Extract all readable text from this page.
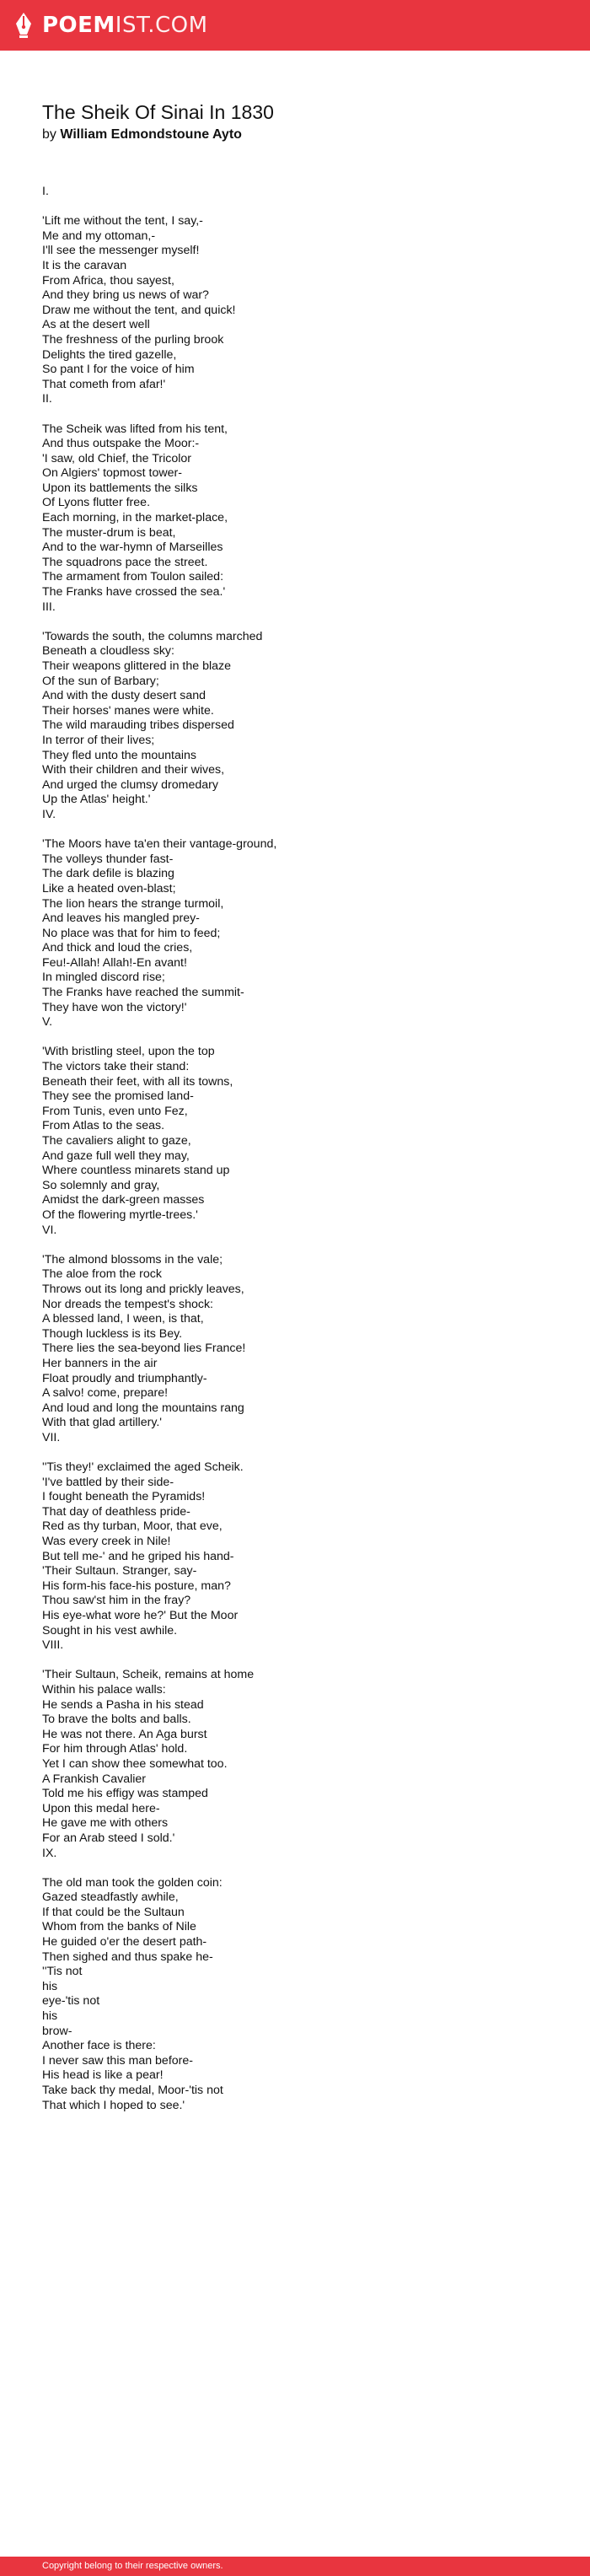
POEMIST.COM
The Sheik Of Sinai In 1830
by William Edmondstoune Ayto
I.
'Lift me without the tent, I say,-
Me and my ottoman,-
I'll see the messenger myself!
It is the caravan
From Africa, thou sayest,
And they bring us news of war?
Draw me without the tent, and quick!
As at the desert well
The freshness of the purling brook
Delights the tired gazelle,
So pant I for the voice of him
That cometh from afar!'
II.
The Scheik was lifted from his tent,
And thus outspake the Moor:-
'I saw, old Chief, the Tricolor
On Algiers' topmost tower-
Upon its battlements the silks
Of Lyons flutter free.
Each morning, in the market-place,
The muster-drum is beat,
And to the war-hymn of Marseilles
The squadrons pace the street.
The armament from Toulon sailed:
The Franks have crossed the sea.'
III.
'Towards the south, the columns marched
Beneath a cloudless sky:
Their weapons glittered in the blaze
Of the sun of Barbary;
And with the dusty desert sand
Their horses' manes were white.
The wild marauding tribes dispersed
In terror of their lives;
They fled unto the mountains
With their children and their wives,
And urged the clumsy dromedary
Up the Atlas' height.'
IV.
'The Moors have ta'en their vantage-ground,
The volleys thunder fast-
The dark defile is blazing
Like a heated oven-blast;
The lion hears the strange turmoil,
And leaves his mangled prey-
No place was that for him to feed;
And thick and loud the cries,
Feu!-Allah! Allah!-En avant!
In mingled discord rise;
The Franks have reached the summit-
They have won the victory!'
V.
'With bristling steel, upon the top
The victors take their stand:
Beneath their feet, with all its towns,
They see the promised land-
From Tunis, even unto Fez,
From Atlas to the seas.
The cavaliers alight to gaze,
And gaze full well they may,
Where countless minarets stand up
So solemnly and gray,
Amidst the dark-green masses
Of the flowering myrtle-trees.'
VI.
'The almond blossoms in the vale;
The aloe from the rock
Throws out its long and prickly leaves,
Nor dreads the tempest's shock:
A blessed land, I ween, is that,
Though luckless is its Bey.
There lies the sea-beyond lies France!
Her banners in the air
Float proudly and triumphantly-
A salvo! come, prepare!
And loud and long the mountains rang
With that glad artillery.'
VII.
''Tis they!' exclaimed the aged Scheik.
'I've battled by their side-
I fought beneath the Pyramids!
That day of deathless pride-
Red as thy turban, Moor, that eve,
Was every creek in Nile!
But tell me-' and he griped his hand-
'Their Sultaun. Stranger, say-
His form-his face-his posture, man?
Thou saw'st him in the fray?
His eye-what wore he?' But the Moor
Sought in his vest awhile.
VIII.
'Their Sultaun, Scheik, remains at home
Within his palace walls:
He sends a Pasha in his stead
To brave the bolts and balls.
He was not there. An Aga burst
For him through Atlas' hold.
Yet I can show thee somewhat too.
A Frankish Cavalier
Told me his effigy was stamped
Upon this medal here-
He gave me with others
For an Arab steed I sold.'
IX.
The old man took the golden coin:
Gazed steadfastly awhile,
If that could be the Sultaun
Whom from the banks of Nile
He guided o'er the desert path-
Then sighed and thus spake he-
''Tis not
his
eye-'tis not
his
brow-
Another face is there:
I never saw this man before-
His head is like a pear!
Take back thy medal, Moor-'tis not
That which I hoped to see.'
Copyright belong to their respective owners.
